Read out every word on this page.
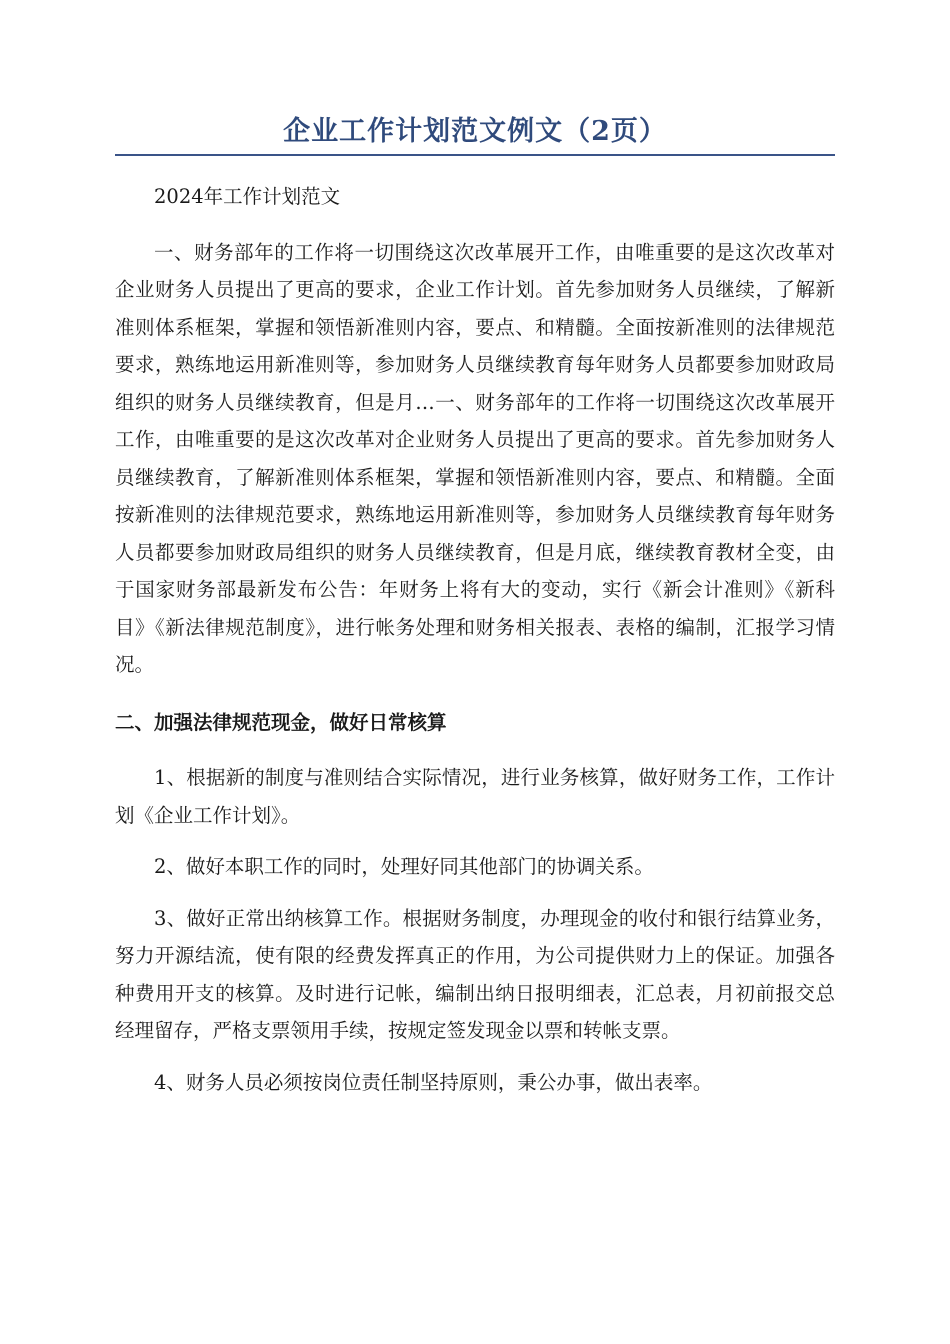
企业工作计划范文例文（2页）

2024年工作计划范文

一、财务部年的工作将一切围绕这次改革展开工作，由唯重要的是这次改革对企业财务人员提出了更高的要求，企业工作计划。首先参加财务人员继续，了解新准则体系框架，掌握和领悟新准则内容，要点、和精髓。全面按新准则的法律规范要求，熟练地运用新准则等，参加财务人员继续教育每年财务人员都要参加财政局组织的财务人员继续教育，但是月…一、财务部年的工作将一切围绕这次改革展开工作，由唯重要的是这次改革对企业财务人员提出了更高的要求。首先参加财务人员继续教育，了解新准则体系框架，掌握和领悟新准则内容，要点、和精髓。全面按新准则的法律规范要求，熟练地运用新准则等，参加财务人员继续教育每年财务人员都要参加财政局组织的财务人员继续教育，但是月底，继续教育教材全变，由于国家财务部最新发布公告：年财务上将有大的变动，实行《新会计准则》《新科目》《新法律规范制度》，进行帐务处理和财务相关报表、表格的编制，汇报学习情况。

二、加强法律规范现金，做好日常核算

1、根据新的制度与准则结合实际情况，进行业务核算，做好财务工作，工作计划《企业工作计划》。

2、做好本职工作的同时，处理好同其他部门的协调关系。

3、做好正常出纳核算工作。根据财务制度，办理现金的收付和银行结算业务，努力开源结流，使有限的经费发挥真正的作用，为公司提供财力上的保证。加强各种费用开支的核算。及时进行记帐，编制出纳日报明细表，汇总表，月初前报交总经理留存，严格支票领用手续，按规定签发现金以票和转帐支票。

4、财务人员必须按岗位责任制坚持原则，秉公办事，做出表率。
